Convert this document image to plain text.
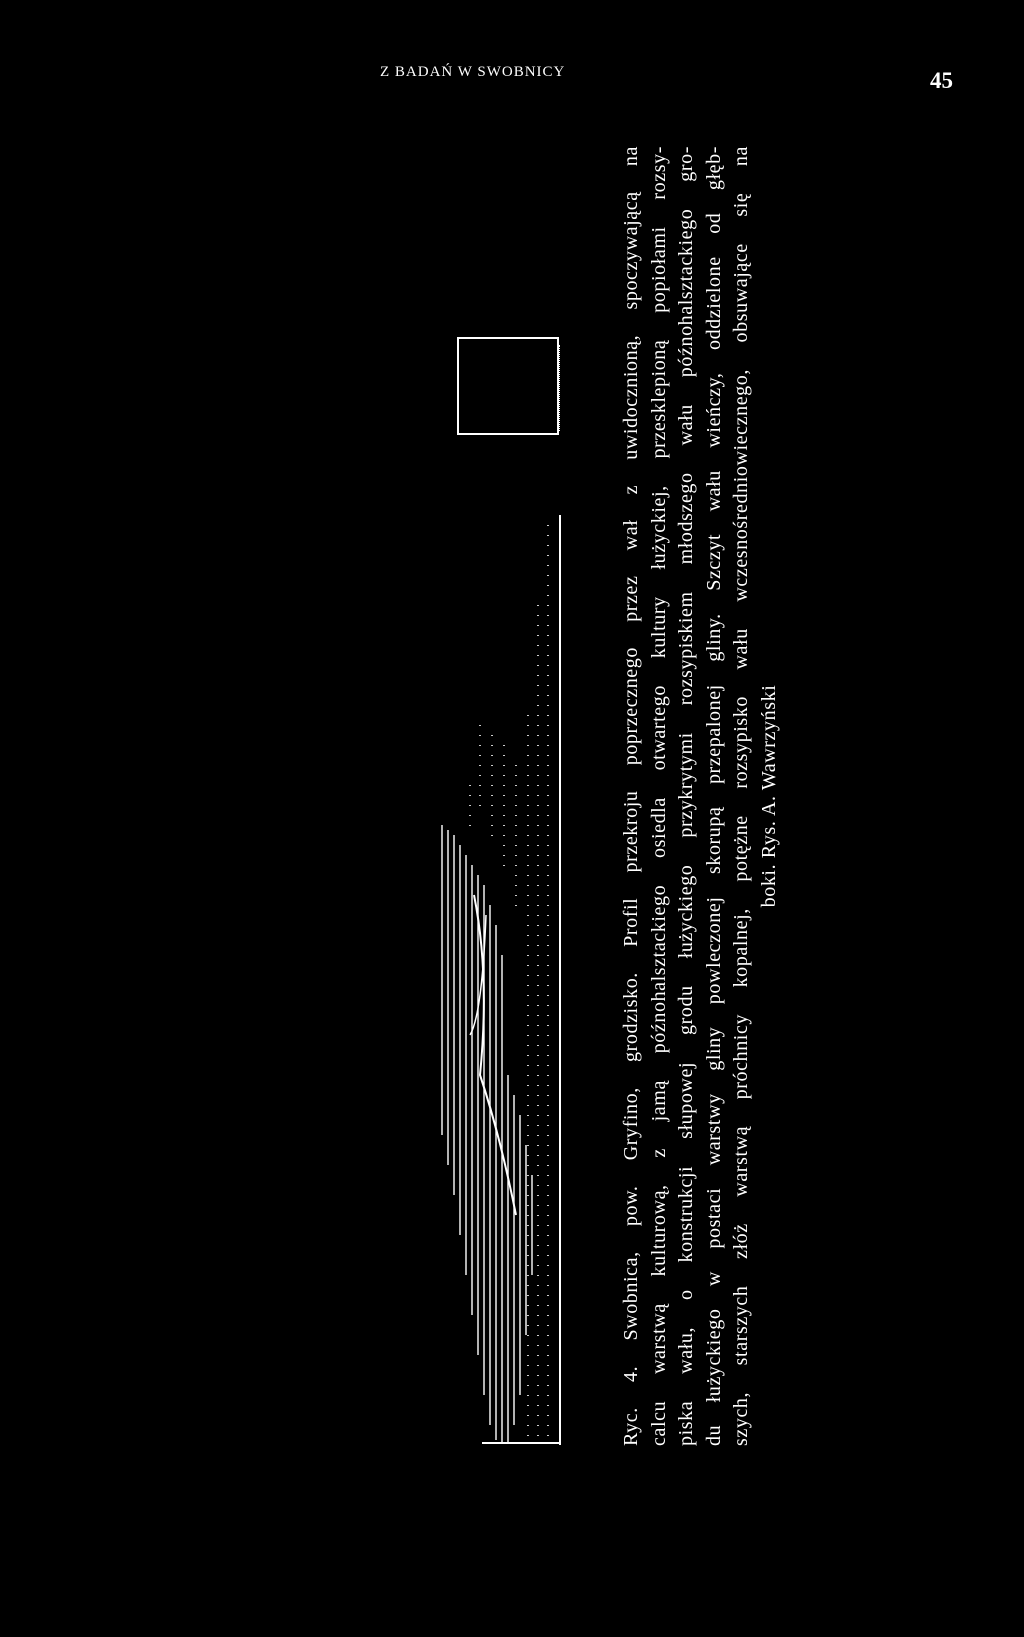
Z BADAŃ W SWOBNICY	45
Ryc. 4. Swobnica, pow. Gryfino, grodzisko. Profil przekroju poprzecznego przez wał z uwidocznioną, spoczywającą na calcu warstwą kulturową, z jamą późnohalsztackiego osiedla otwartego kultury łużyckiej, przesklepioną popiołami rozsy- piska wału, o konstrukcji słupowej grodu łużyckiego przykrytymi rozsypiskiem młodszego wału późnohalsztackiego gro- du łużyckiego w postaci warstwy gliny powleczonej skorupą przepalonej gliny. Szczyt wału wieńczy, oddzielone od głęb- szych, starszych złóż warstwą próchnicy kopalnej, potężne rozsypisko wału wczesnośredniowiecznego, obsuwające się na boki. Rys. A. Wawrzyński
